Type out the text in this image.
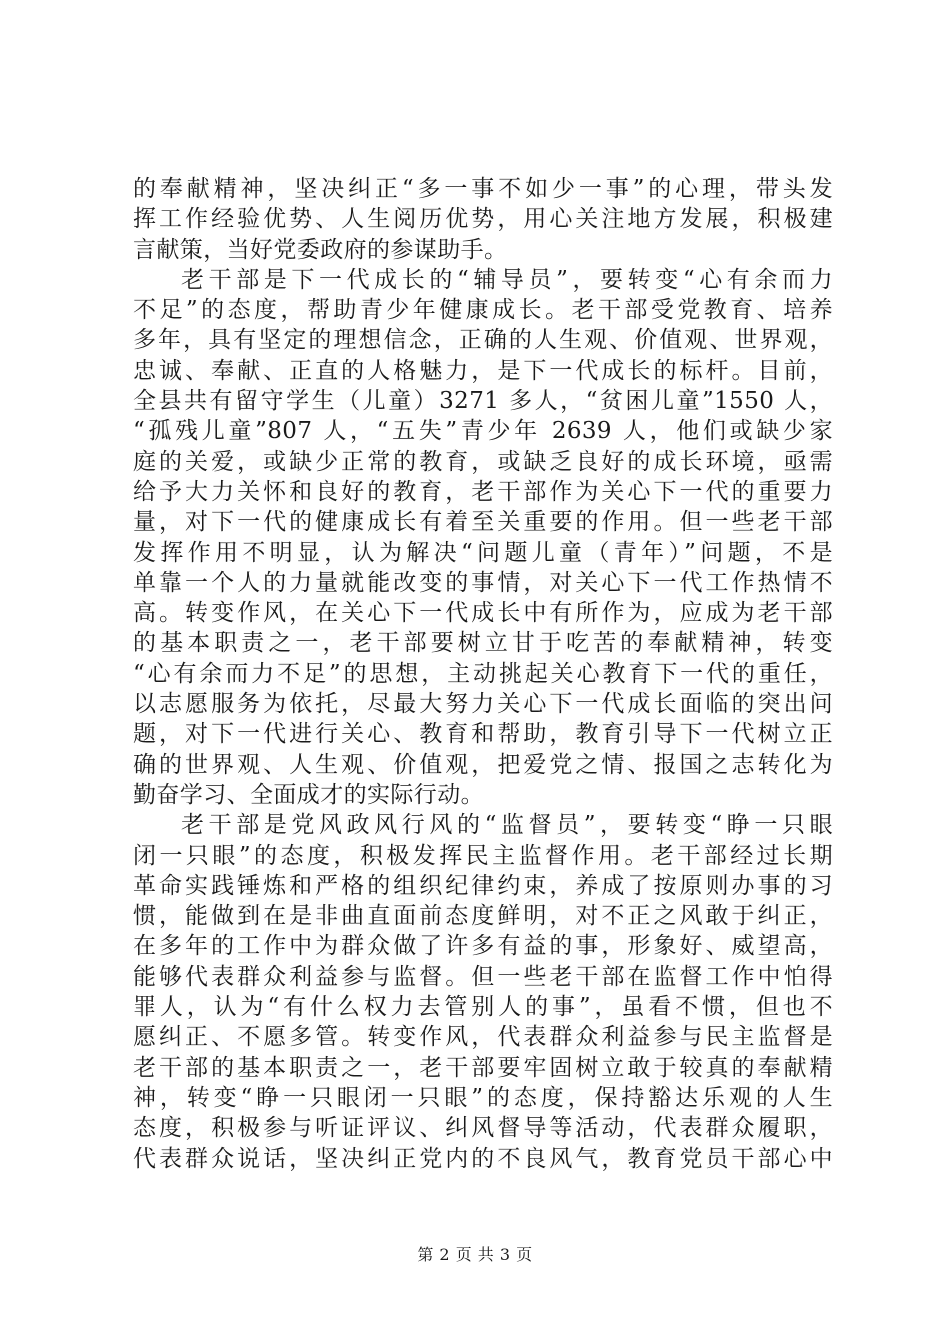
的奉献精神，坚决纠正“多一事不如少一事”的心理，带头发
挥工作经验优势、人生阅历优势，用心关注地方发展，积极建
言献策，当好党委政府的参谋助手。
老干部是下一代成长的“辅导员”，要转变“心有余而力
不足”的态度，帮助青少年健康成长。老干部受党教育、培养
多年，具有坚定的理想信念，正确的人生观、价值观、世界观，
忠诚、奉献、正直的人格魅力，是下一代成长的标杆。目前，
全县共有留守学生（儿童）3271 多人，“贫困儿童”1550 人，
“孤残儿童”807 人，“五失”青少年 2639 人，他们或缺少家
庭的关爱，或缺少正常的教育，或缺乏良好的成长环境，亟需
给予大力关怀和良好的教育，老干部作为关心下一代的重要力
量，对下一代的健康成长有着至关重要的作用。但一些老干部
发挥作用不明显，认为解决“问题儿童（青年）”问题，不是
单靠一个人的力量就能改变的事情，对关心下一代工作热情不
高。转变作风，在关心下一代成长中有所作为，应成为老干部
的基本职责之一，老干部要树立甘于吃苦的奉献精神，转变
“心有余而力不足”的思想，主动挑起关心教育下一代的重任，
以志愿服务为依托，尽最大努力关心下一代成长面临的突出问
题，对下一代进行关心、教育和帮助，教育引导下一代树立正
确的世界观、人生观、价值观，把爱党之情、报国之志转化为
勤奋学习、全面成才的实际行动。
老干部是党风政风行风的“监督员”，要转变“睁一只眼
闭一只眼”的态度，积极发挥民主监督作用。老干部经过长期
革命实践锤炼和严格的组织纪律约束，养成了按原则办事的习
惯，能做到在是非曲直面前态度鲜明，对不正之风敢于纠正，
在多年的工作中为群众做了许多有益的事，形象好、威望高，
能够代表群众利益参与监督。但一些老干部在监督工作中怕得
罪人，认为“有什么权力去管别人的事”，虽看不惯，但也不
愿纠正、不愿多管。转变作风，代表群众利益参与民主监督是
老干部的基本职责之一，老干部要牢固树立敢于较真的奉献精
神，转变“睁一只眼闭一只眼”的态度，保持豁达乐观的人生
态度，积极参与听证评议、纠风督导等活动，代表群众履职，
代表群众说话，坚决纠正党内的不良风气，教育党员干部心中
第 2 页 共 3 页
